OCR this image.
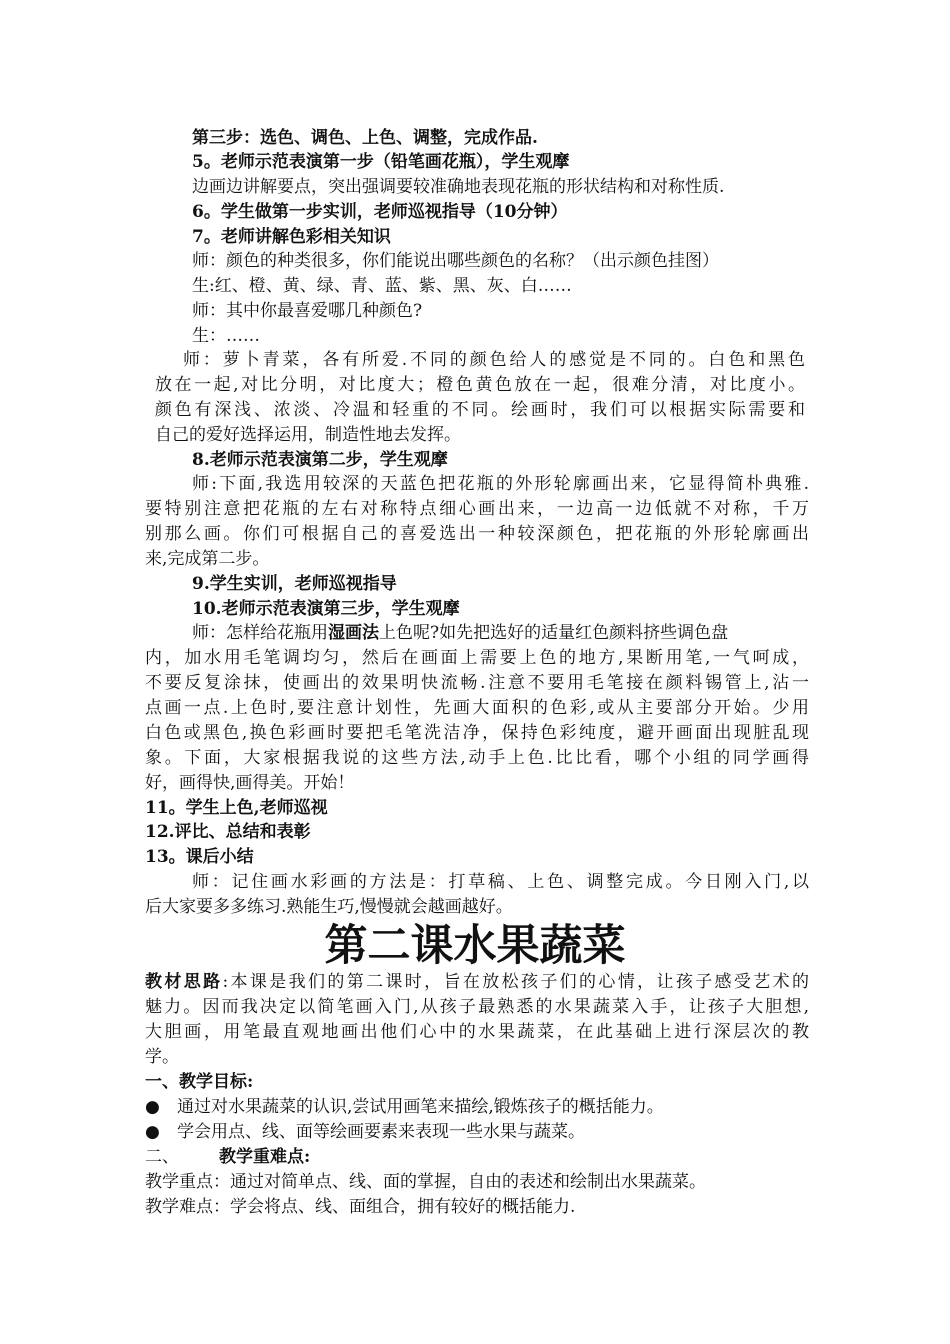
第三步：选色、调色、上色、调整，完成作品.
5。老师示范表演第一步（铅笔画花瓶），学生观摩
边画边讲解要点，突出强调要较准确地表现花瓶的形状结构和对称性质.
6。学生做第一步实训，老师巡视指导（10分钟）
7。老师讲解色彩相关知识
师：颜色的种类很多，你们能说出哪些颜色的名称？（出示颜色挂图）
生:红、橙、黄、绿、青、蓝、紫、黑、灰、白……
师：其中你最喜爱哪几种颜色?
生：……
师：萝卜青菜，各有所爱.不同的颜色给人的感觉是不同的。白色和黑色
放在一起,对比分明，对比度大；橙色黄色放在一起，很难分清，对比度小。
颜色有深浅、浓淡、冷温和轻重的不同。绘画时，我们可以根据实际需要和
自己的爱好选择运用，制造性地去发挥。
8.老师示范表演第二步，学生观摩
师:下面,我选用较深的天蓝色把花瓶的外形轮廓画出来，它显得简朴典雅.
要特别注意把花瓶的左右对称特点细心画出来，一边高一边低就不对称，千万
别那么画。你们可根据自己的喜爱选出一种较深颜色，把花瓶的外形轮廓画出
来,完成第二步。
9.学生实训，老师巡视指导
10.老师示范表演第三步，学生观摩
师：怎样给花瓶用湿画法上色呢?如先把选好的适量红色颜料挤些调色盘
内，加水用毛笔调均匀，然后在画面上需要上色的地方,果断用笔,一气呵成，
不要反复涂抹，使画出的效果明快流畅.注意不要用毛笔接在颜料锡管上,沾一
点画一点.上色时,要注意计划性，先画大面积的色彩,或从主要部分开始。少用
白色或黑色,换色彩画时要把毛笔洗洁净，保持色彩纯度，避开画面出现脏乱现
象。下面，大家根据我说的这些方法,动手上色.比比看，哪个小组的同学画得
好，画得快,画得美。开始！
11。学生上色,老师巡视
12.评比、总结和表彰
13。课后小结
师：记住画水彩画的方法是：打草稿、上色、调整完成。今日刚入门,以
后大家要多多练习.熟能生巧,慢慢就会越画越好。
第二课水果蔬菜
教材思路:本课是我们的第二课时，旨在放松孩子们的心情，让孩子感受艺术的
魅力。因而我决定以简笔画入门,从孩子最熟悉的水果蔬菜入手，让孩子大胆想,
大胆画，用笔最直观地画出他们心中的水果蔬菜，在此基础上进行深层次的教
学。
一、教学目标:
●	通过对水果蔬菜的认识,尝试用画笔来描绘,锻炼孩子的概括能力。
●	学会用点、线、面等绘画要素来表现一些水果与蔬菜。
二、 教学重难点:
教学重点：通过对简单点、线、面的掌握，自由的表述和绘制出水果蔬菜。
教学难点：学会将点、线、面组合，拥有较好的概括能力.
